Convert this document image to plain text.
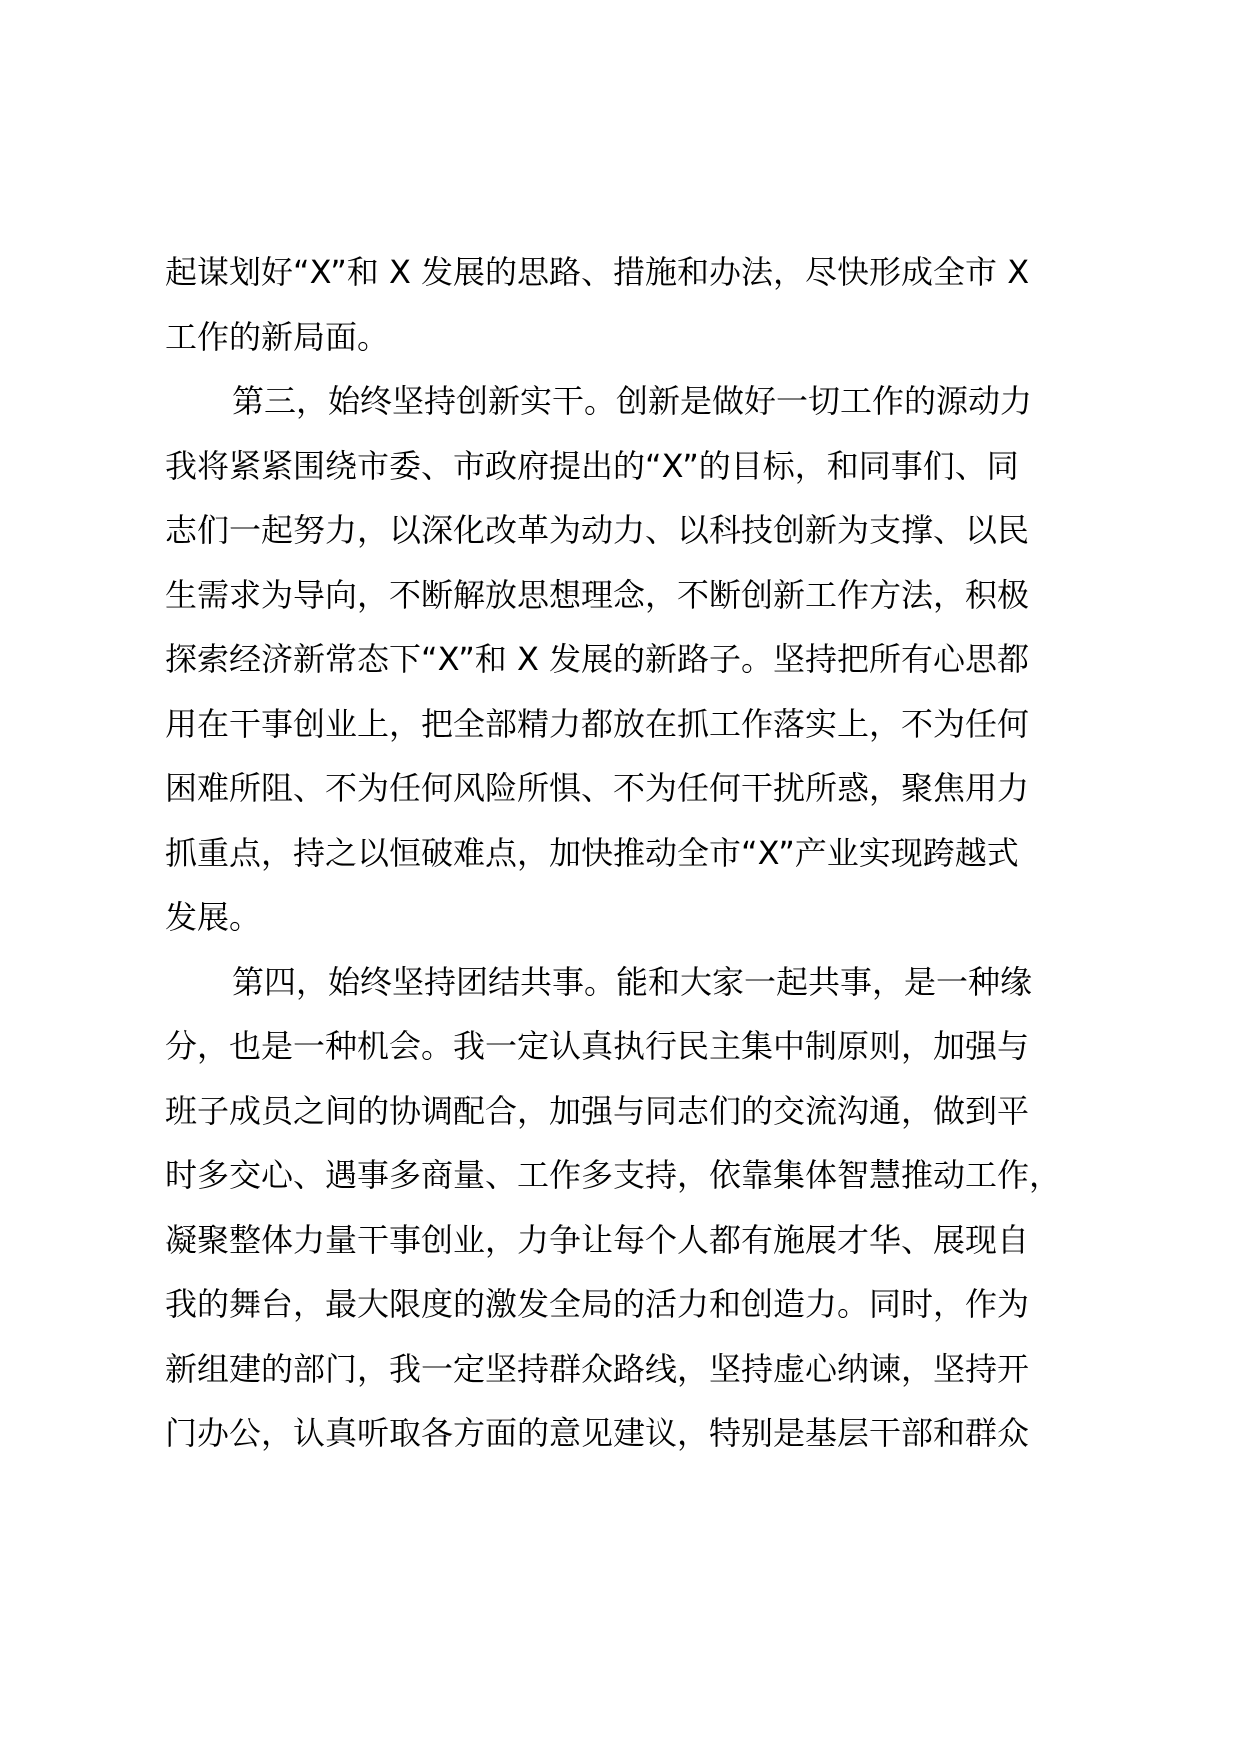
起谋划好“X”和 X 发展的思路、措施和办法，尽快形成全市 X
工作的新局面。
第三，始终坚持创新实干。创新是做好一切工作的源动力
我将紧紧围绕市委、市政府提出的“X”的目标，和同事们、同
志们一起努力，以深化改革为动力、以科技创新为支撑、以民
生需求为导向，不断解放思想理念，不断创新工作方法，积极
探索经济新常态下“X”和 X 发展的新路子。坚持把所有心思都
用在干事创业上，把全部精力都放在抓工作落实上，不为任何
困难所阻、不为任何风险所惧、不为任何干扰所惑，聚焦用力
抓重点，持之以恒破难点，加快推动全市“X”产业实现跨越式
发展。
第四，始终坚持团结共事。能和大家一起共事，是一种缘
分，也是一种机会。我一定认真执行民主集中制原则，加强与
班子成员之间的协调配合，加强与同志们的交流沟通，做到平
时多交心、遇事多商量、工作多支持，依靠集体智慧推动工作，
凝聚整体力量干事创业，力争让每个人都有施展才华、展现自
我的舞台，最大限度的激发全局的活力和创造力。同时，作为
新组建的部门，我一定坚持群众路线，坚持虚心纳谏，坚持开
门办公，认真听取各方面的意见建议，特别是基层干部和群众
